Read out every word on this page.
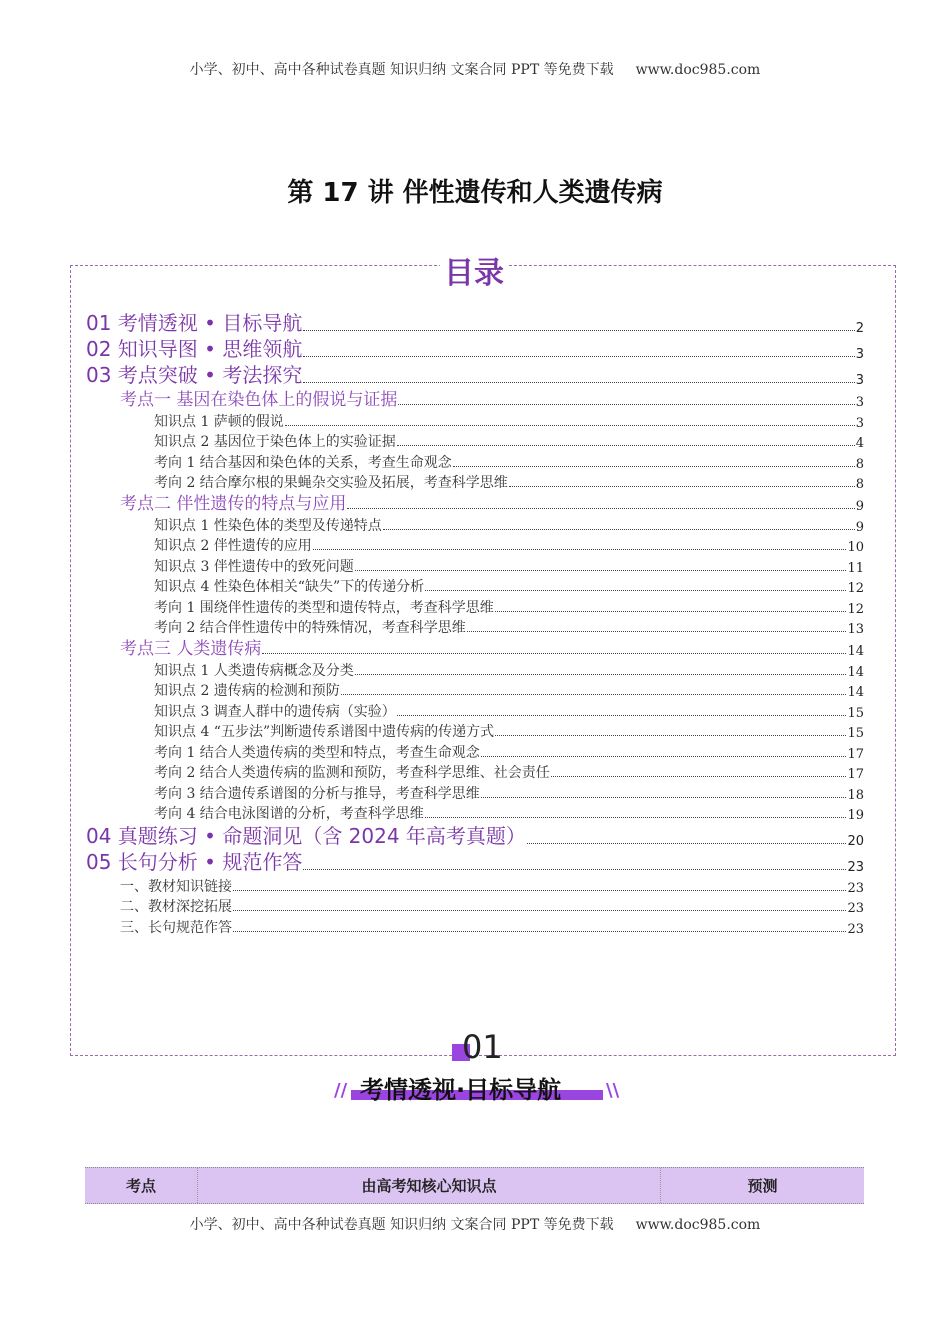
小学、初中、高中各种试卷真题 知识归纳 文案合同 PPT 等免费下载 www.doc985.com
第 17 讲 伴性遗传和人类遗传病
目录
01 考情透视 • 目标导航	2
02 知识导图 • 思维领航	3
03 考点突破 • 考法探究	3
考点一 基因在染色体上的假说与证据	3
知识点 1 萨顿的假说	3
知识点 2 基因位于染色体上的实验证据	4
考向 1 结合基因和染色体的关系，考查生命观念	8
考向 2 结合摩尔根的果蝇杂交实验及拓展，考查科学思维	8
考点二 伴性遗传的特点与应用	9
知识点 1 性染色体的类型及传递特点	9
知识点 2 伴性遗传的应用	10
知识点 3 伴性遗传中的致死问题	11
知识点 4 性染色体相关“缺失”下的传递分析	12
考向 1 围绕伴性遗传的类型和遗传特点，考查科学思维	12
考向 2 结合伴性遗传中的特殊情况，考查科学思维	13
考点三 人类遗传病	14
知识点 1 人类遗传病概念及分类	14
知识点 2 遗传病的检测和预防	14
知识点 3 调查人群中的遗传病（实验）	15
知识点 4 “五步法”判断遗传系谱图中遗传病的传递方式	15
考向 1 结合人类遗传病的类型和特点，考查生命观念	17
考向 2 结合人类遗传病的监测和预防，考查科学思维、社会责任	17
考向 3 结合遗传系谱图的分析与推导，考查科学思维	18
考向 4 结合电泳图谱的分析，考查科学思维	19
04 真题练习 • 命题洞见（含 2024 年高考真题）	20
05 长句分析 • 规范作答	23
一、教材知识链接	23
二、教材深挖拓展	23
三、长句规范作答	23
01
//	\\
考情透视·目标导航
考点	由高考知核心知识点	预测
小学、初中、高中各种试卷真题 知识归纳 文案合同 PPT 等免费下载 www.doc985.com
